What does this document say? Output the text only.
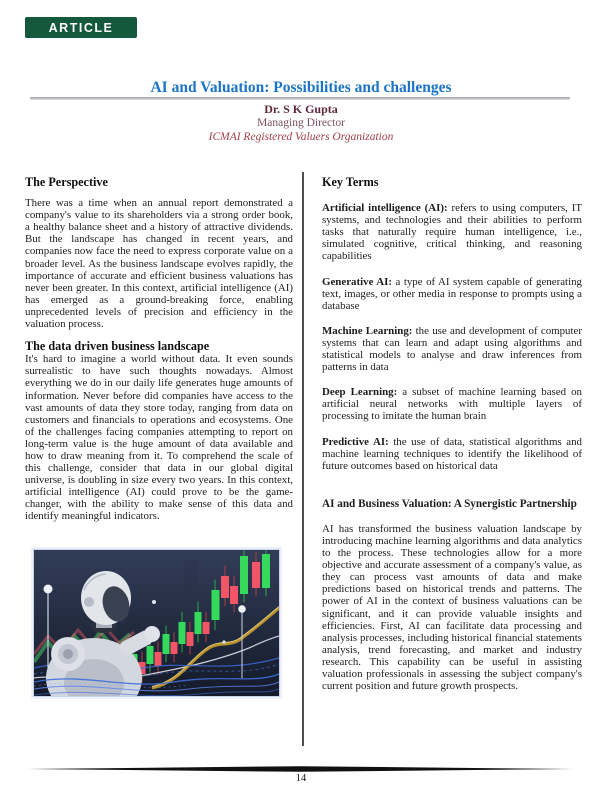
ARTICLE
AI and Valuation: Possibilities and challenges
Dr. S K Gupta
Managing Director
ICMAI Registered Valuers Organization

The Perspective

There was a time when an annual report demonstrated a company's value to its shareholders via a strong order book, a healthy balance sheet and a history of attractive dividends. But the landscape has changed in recent years, and companies now face the need to express corporate value on a broader level. As the business landscape evolves rapidly, the importance of accurate and efficient business valuations has never been greater. In this context, artificial intelligence (AI) has emerged as a ground-breaking force, enabling unprecedented levels of precision and efficiency in the valuation process.

The data driven business landscape

It's hard to imagine a world without data. It even sounds surrealistic to have such thoughts nowadays. Almost everything we do in our daily life generates huge amounts of information. Never before did companies have access to the vast amounts of data they store today, ranging from data on customers and financials to operations and ecosystems. One of the challenges facing companies attempting to report on long-term value is the huge amount of data available and how to draw meaning from it. To comprehend the scale of this challenge, consider that data in our global digital universe, is doubling in size every two years. In this context, artificial intelligence (AI) could prove to be the game-changer, with the ability to make sense of this data and identify meaningful indicators.

Key Terms

Artificial intelligence (AI): refers to using computers, IT systems, and technologies and their abilities to perform tasks that naturally require human intelligence, i.e., simulated cognitive, critical thinking, and reasoning capabilities

Generative AI: a type of AI system capable of generating text, images, or other media in response to prompts using a database

Machine Learning: the use and development of computer systems that can learn and adapt using algorithms and statistical models to analyse and draw inferences from patterns in data

Deep Learning: a subset of machine learning based on artificial neural networks with multiple layers of processing to imitate the human brain

Predictive AI: the use of data, statistical algorithms and machine learning techniques to identify the likelihood of future outcomes based on historical data

AI and Business Valuation: A Synergistic Partnership

AI has transformed the business valuation landscape by introducing machine learning algorithms and data analytics to the process. These technologies allow for a more objective and accurate assessment of a company's value, as they can process vast amounts of data and make predictions based on historical trends and patterns. The power of AI in the context of business valuations can be significant, and it can provide valuable insights and efficiencies. First, AI can facilitate data processing and analysis processes, including historical financial statements analysis, trend forecasting, and market and industry research. This capability can be useful in assisting valuation professionals in assessing the subject company's current position and future growth prospects.

14
